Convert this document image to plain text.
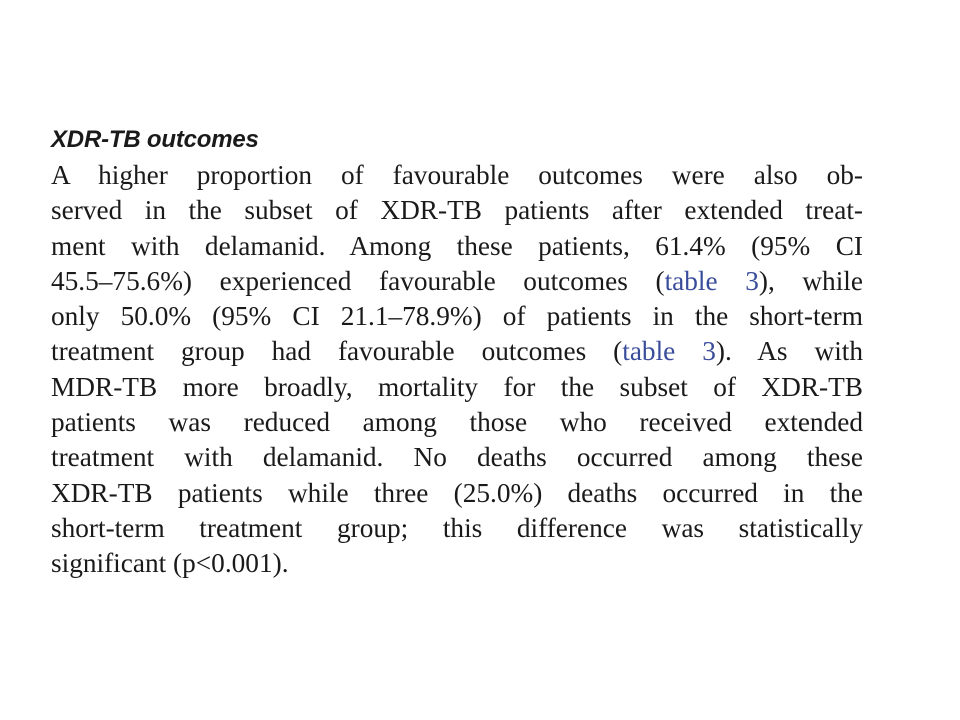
XDR-TB outcomes

A higher proportion of favourable outcomes were also ob-
served in the subset of XDR-TB patients after extended treat-
ment with delamanid. Among these patients, 61.4% (95% CI
45.5–75.6%) experienced favourable outcomes (table 3), while
only 50.0% (95% CI 21.1–78.9%) of patients in the short-term
treatment group had favourable outcomes (table 3). As with
MDR-TB more broadly, mortality for the subset of XDR-TB
patients was reduced among those who received extended
treatment with delamanid. No deaths occurred among these
XDR-TB patients while three (25.0%) deaths occurred in the
short-term treatment group; this difference was statistically
significant (p<0.001).
